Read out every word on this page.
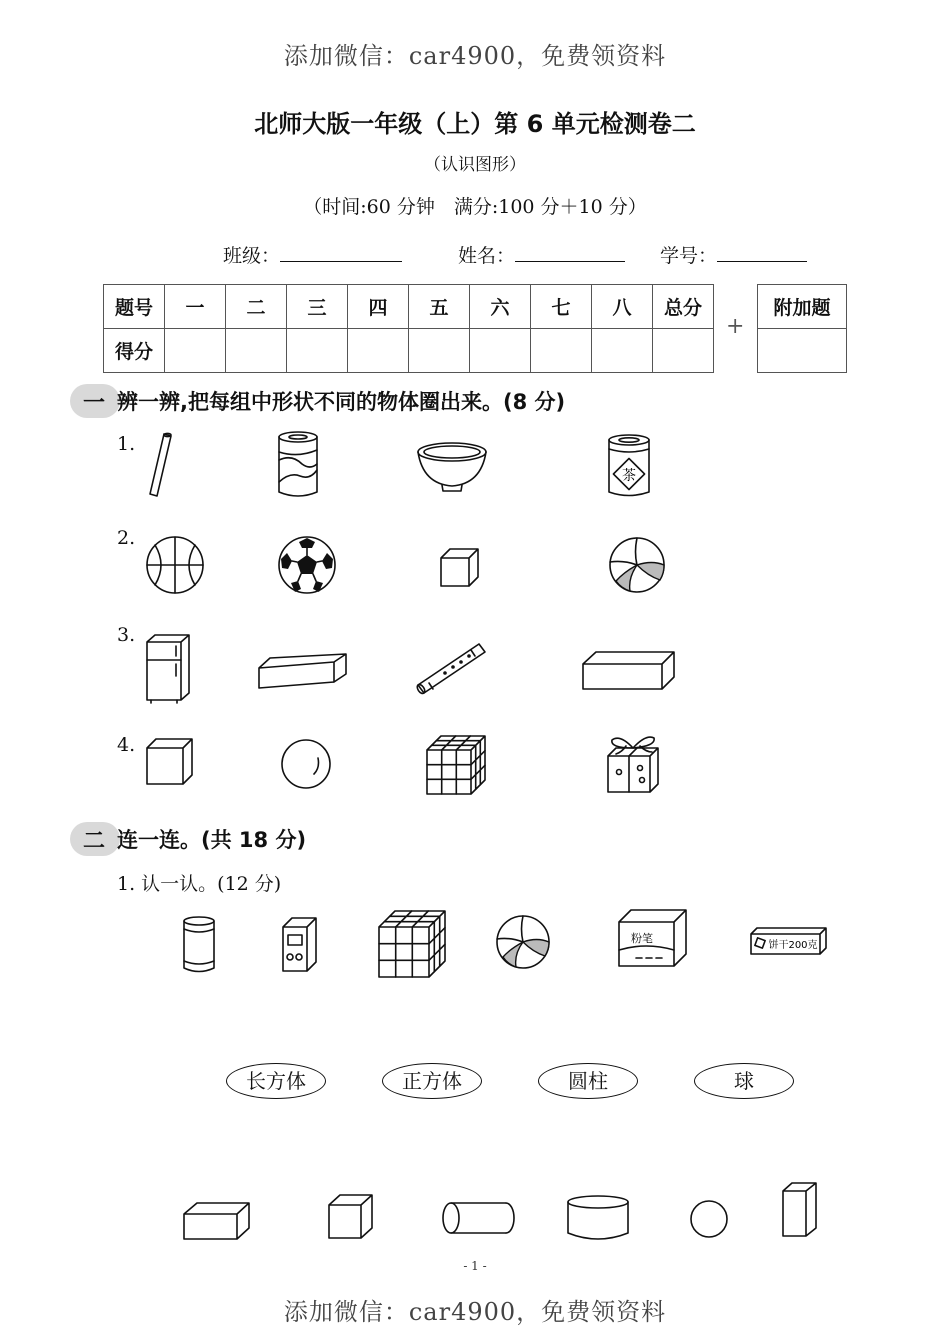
添加微信：car4900，免费领资料
添加微信：car4900，免费领资料
北师大版一年级（上）第 6 单元检测卷二
（认识图形）
（时间:60 分钟　满分:100 分＋10 分）
班级：	姓名：	学号：
题号	一	二	三	四	五	六	七	八	总分
得分									
+
附加题

一 辨一辨,把每组中形状不同的物体圈出来。(8 分)
1.
2.
3.
4.
茶
二 连一连。(共 18 分)
1. 认一认。(12 分)
粉笔
饼干200克
长方体	正方体	圆柱	球
- 1 -
